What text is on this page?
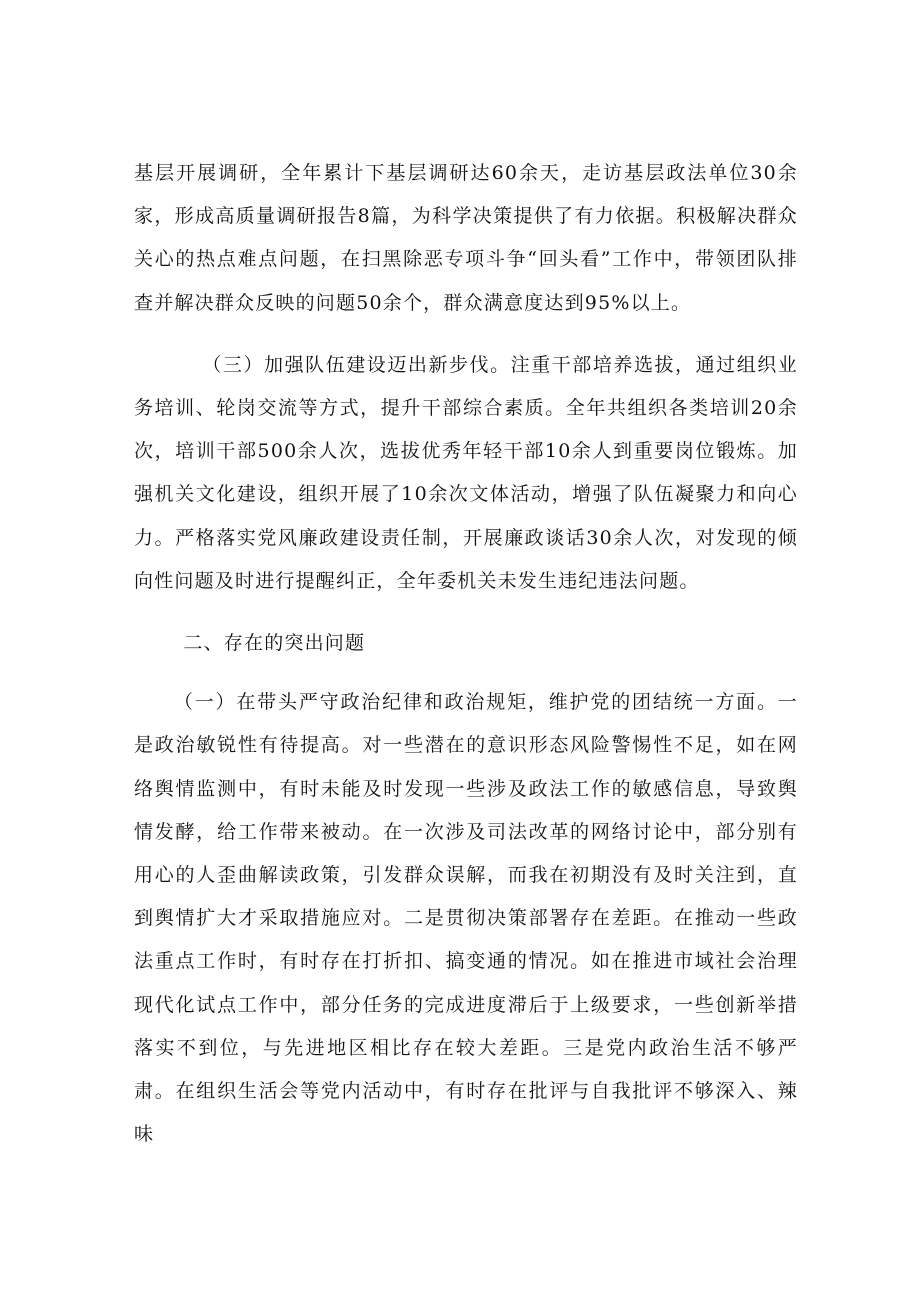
基层开展调研，全年累计下基层调研达60余天，走访基层政法单位30余家，形成高质量调研报告8篇，为科学决策提供了有力依据。积极解决群众关心的热点难点问题，在扫黑除恶专项斗争“回头看”工作中，带领团队排查并解决群众反映的问题50余个，群众满意度达到95%以上。

（三）加强队伍建设迈出新步伐。注重干部培养选拔，通过组织业务培训、轮岗交流等方式，提升干部综合素质。全年共组织各类培训20余次，培训干部500余人次，选拔优秀年轻干部10余人到重要岗位锻炼。加强机关文化建设，组织开展了10余次文体活动，增强了队伍凝聚力和向心力。严格落实党风廉政建设责任制，开展廉政谈话30余人次，对发现的倾向性问题及时进行提醒纠正，全年委机关未发生违纪违法问题。

二、存在的突出问题

（一）在带头严守政治纪律和政治规矩，维护党的团结统一方面。一是政治敏锐性有待提高。对一些潜在的意识形态风险警惕性不足，如在网络舆情监测中，有时未能及时发现一些涉及政法工作的敏感信息，导致舆情发酵，给工作带来被动。在一次涉及司法改革的网络讨论中，部分别有用心的人歪曲解读政策，引发群众误解，而我在初期没有及时关注到，直到舆情扩大才采取措施应对。二是贯彻决策部署存在差距。在推动一些政法重点工作时，有时存在打折扣、搞变通的情况。如在推进市域社会治理现代化试点工作中，部分任务的完成进度滞后于上级要求，一些创新举措落实不到位，与先进地区相比存在较大差距。三是党内政治生活不够严肃。在组织生活会等党内活动中，有时存在批评与自我批评不够深入、辣味
